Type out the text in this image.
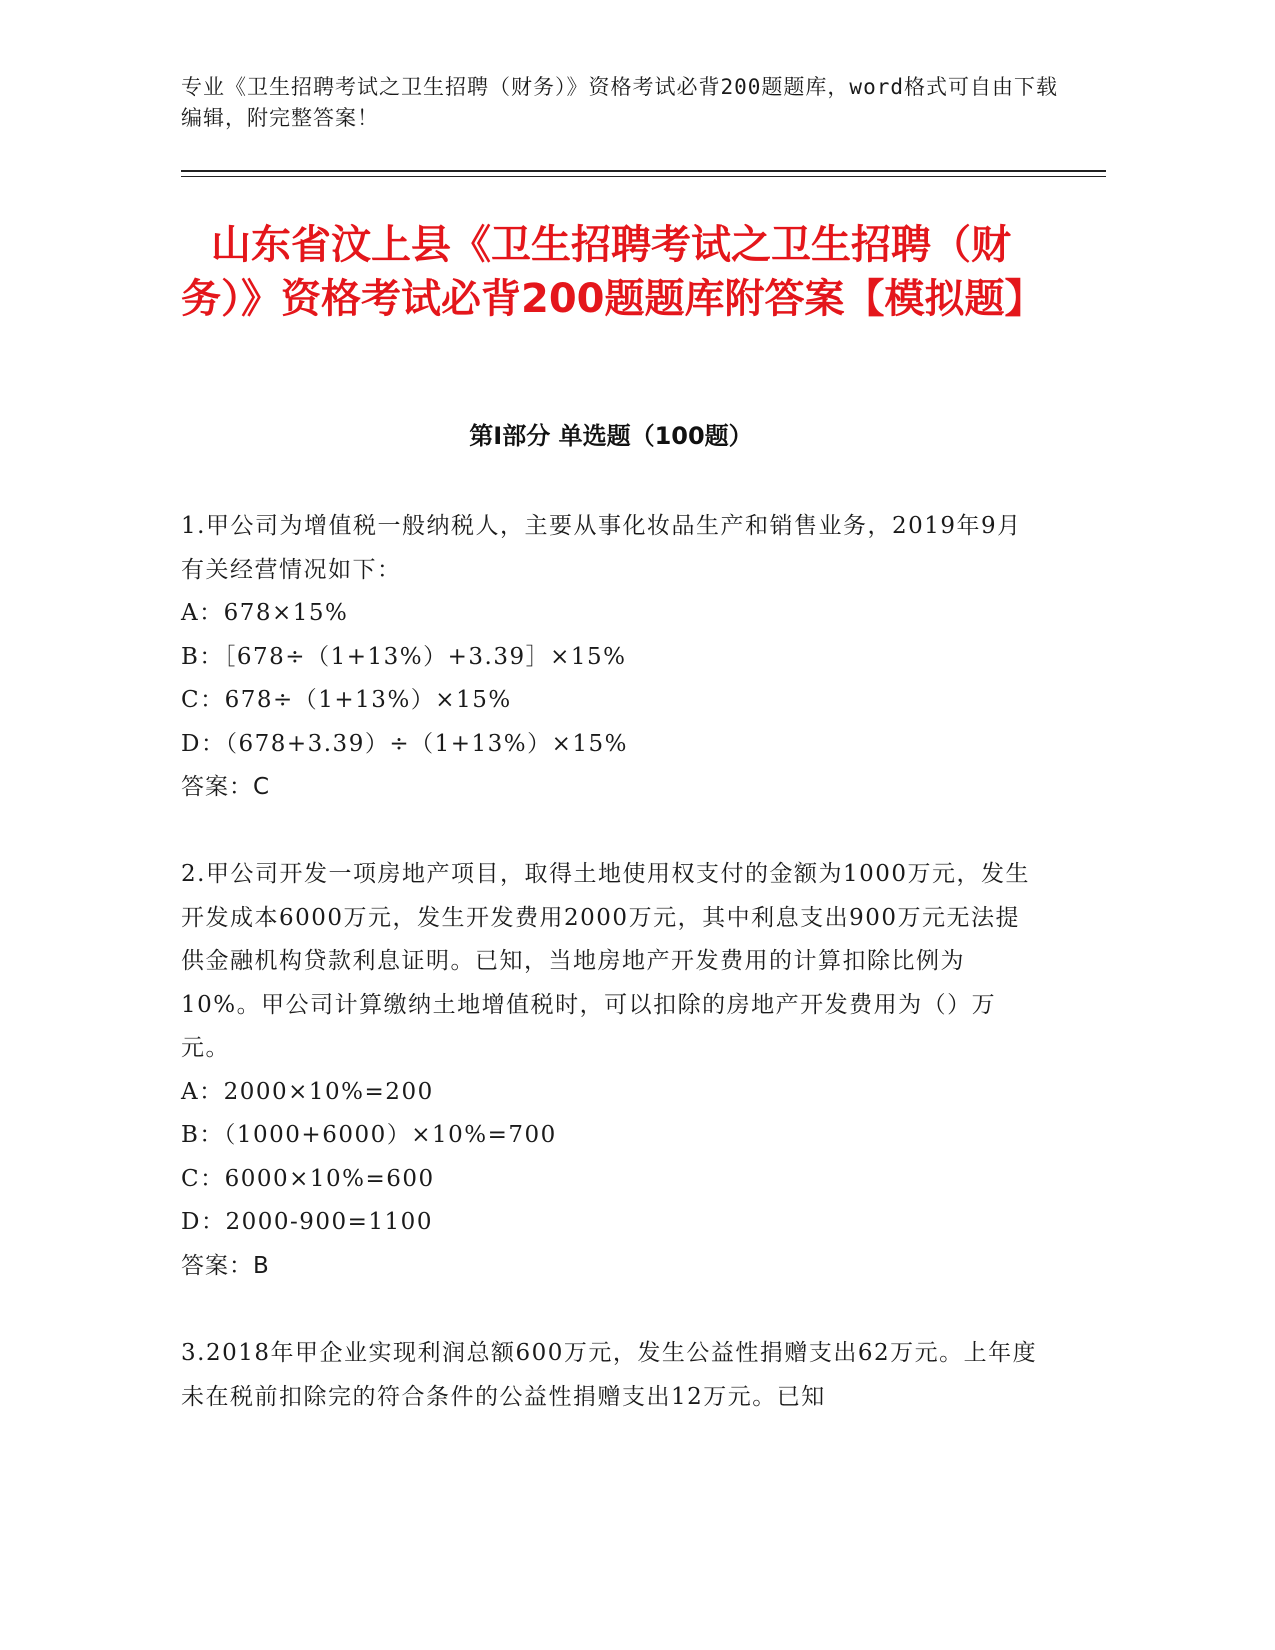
专业《卫生招聘考试之卫生招聘（财务）》资格考试必背200题题库，word格式可自由下载编辑，附完整答案！
山东省汶上县《卫生招聘考试之卫生招聘（财务）》资格考试必背200题题库附答案【模拟题】
第I部分 单选题（100题）

1.甲公司为增值税一般纳税人，主要从事化妆品生产和销售业务，2019年9月有关经营情况如下：

A：678×15%

B：［678÷（1+13%）+3.39］×15%

C：678÷（1+13%）×15%

D：（678+3.39）÷（1+13%）×15%

答案：C

2.甲公司开发一项房地产项目，取得土地使用权支付的金额为1000万元，发生开发成本6000万元，发生开发费用2000万元，其中利息支出900万元无法提供金融机构贷款利息证明。已知，当地房地产开发费用的计算扣除比例为10%。甲公司计算缴纳土地增值税时，可以扣除的房地产开发费用为（）万元。

A：2000×10%=200

B：（1000+6000）×10%=700

C：6000×10%=600

D：2000-900=1100

答案：B

3.2018年甲企业实现利润总额600万元，发生公益性捐赠支出62万元。上年度未在税前扣除完的符合条件的公益性捐赠支出12万元。已知
